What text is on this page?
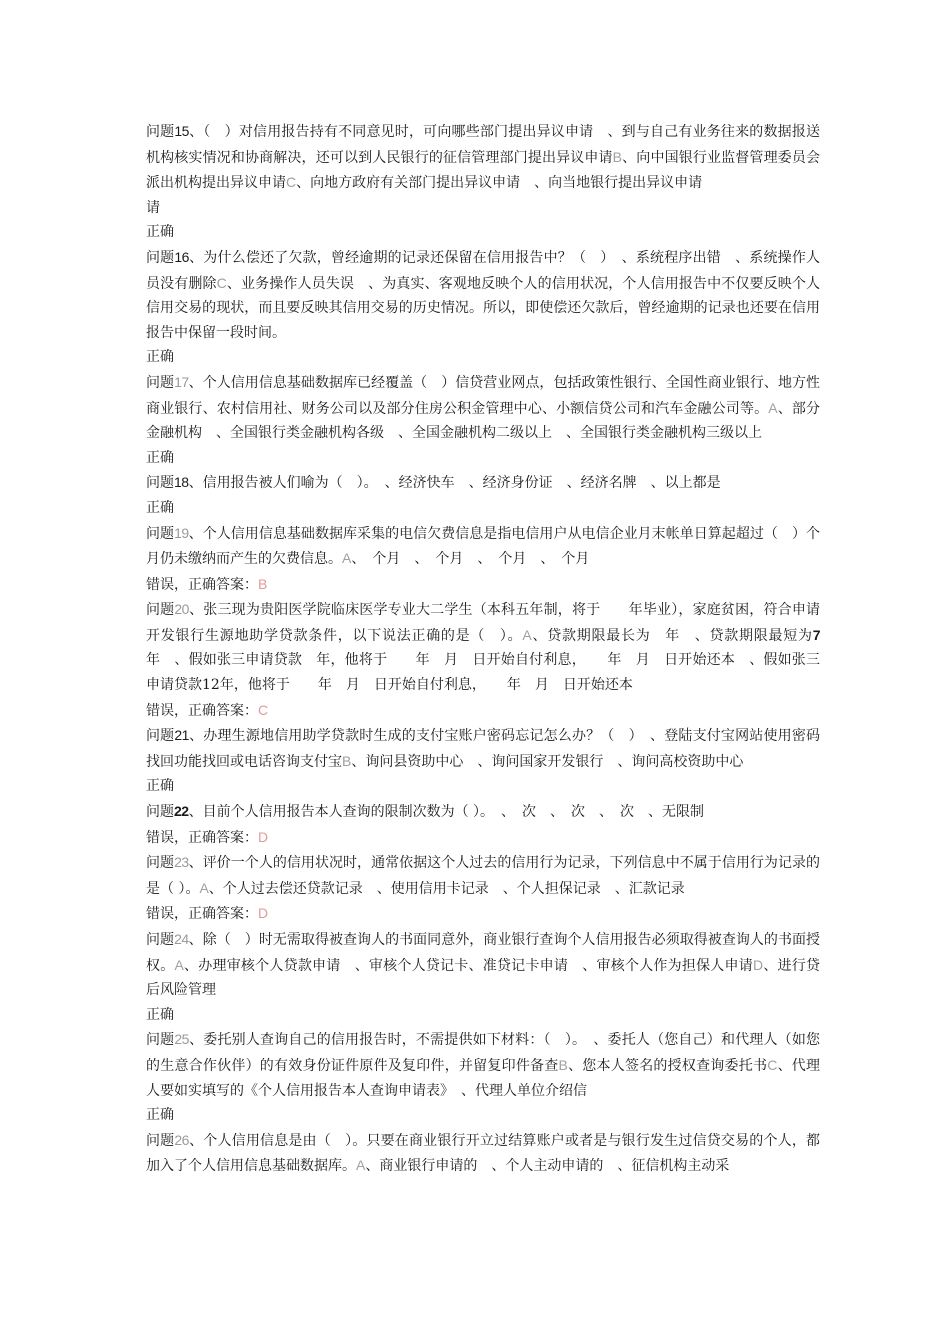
问题15、（　）对信用报告持有不同意见时，可向哪些部门提出异议申请　、到与自己有业务往来的数据报送机构核实情况和协商解决，还可以到人民银行的征信管理部门提出异议申请B、向中国银行业监督管理委员会派出机构提出异议申请C、向地方政府有关部门提出异议申请　、向当地银行提出异议申请
请
正确
问题16、为什么偿还了欠款，曾经逾期的记录还保留在信用报告中？（　）　、系统程序出错　、系统操作人员没有删除C、业务操作人员失误　、为真实、客观地反映个人的信用状况，个人信用报告中不仅要反映个人信用交易的现状，而且要反映其信用交易的历史情况。所以，即使偿还欠款后，曾经逾期的记录也还要在信用报告中保留一段时间。
正确
问题17、个人信用信息基础数据库已经覆盖（　）信贷营业网点，包括政策性银行、全国性商业银行、地方性商业银行、农村信用社、财务公司以及部分住房公积金管理中心、小额信贷公司和汽车金融公司等。A、部分金融机构　、全国银行类金融机构各级　、全国金融机构二级以上　、全国银行类金融机构三级以上
正确
问题18、信用报告被人们喻为（　）。　、经济快车　、经济身份证　、经济名牌　、以上都是
正确
问题19、个人信用信息基础数据库采集的电信欠费信息是指电信用户从电信企业月末帐单日算起超过（　）个月仍未缴纳而产生的欠费信息。A、　个月　、　个月　、　个月　、　个月
错误，正确答案：B
问题20、张三现为贵阳医学院临床医学专业大二学生（本科五年制，将于　　年毕业），家庭贫困，符合申请开发银行生源地助学贷款条件，以下说法正确的是（　）。A、贷款期限最长为　年　、贷款期限最短为7年　、假如张三申请贷款　年，他将于　　年　月　日开始自付利息，　　年　月　日开始还本　、假如张三申请贷款12年，他将于　　年　月　日开始自付利息，　　年　月　日开始还本
错误，正确答案：C
问题21、办理生源地信用助学贷款时生成的支付宝账户密码忘记怎么办？（　）　、登陆支付宝网站使用密码找回功能找回或电话咨询支付宝B、询问县资助中心　、询问国家开发银行　、询问高校资助中心
正确
问题22、目前个人信用报告本人查询的限制次数为（ ）。　、　次　、　次　、　次　、无限制
错误，正确答案：D
问题23、评价一个人的信用状况时，通常依据这个人过去的信用行为记录，下列信息中不属于信用行为记录的是（ ）。A、个人过去偿还贷款记录　、使用信用卡记录　、个人担保记录　、汇款记录
错误，正确答案：D
问题24、除（　）时无需取得被查询人的书面同意外，商业银行查询个人信用报告必须取得被查询人的书面授权。A、办理审核个人贷款申请　、审核个人贷记卡、准贷记卡申请　、审核个人作为担保人申请D、进行贷后风险管理
正确
问题25、委托别人查询自己的信用报告时，不需提供如下材料：（　）。　、委托人（您自己）和代理人（如您的生意合作伙伴）的有效身份证件原件及复印件，并留复印件备查B、您本人签名的授权查询委托书C、代理人要如实填写的《个人信用报告本人查询申请表》　、代理人单位介绍信
正确
问题26、个人信用信息是由（　）。只要在商业银行开立过结算账户或者是与银行发生过信贷交易的个人，都加入了个人信用信息基础数据库。A、商业银行申请的　、个人主动申请的　、征信机构主动采
